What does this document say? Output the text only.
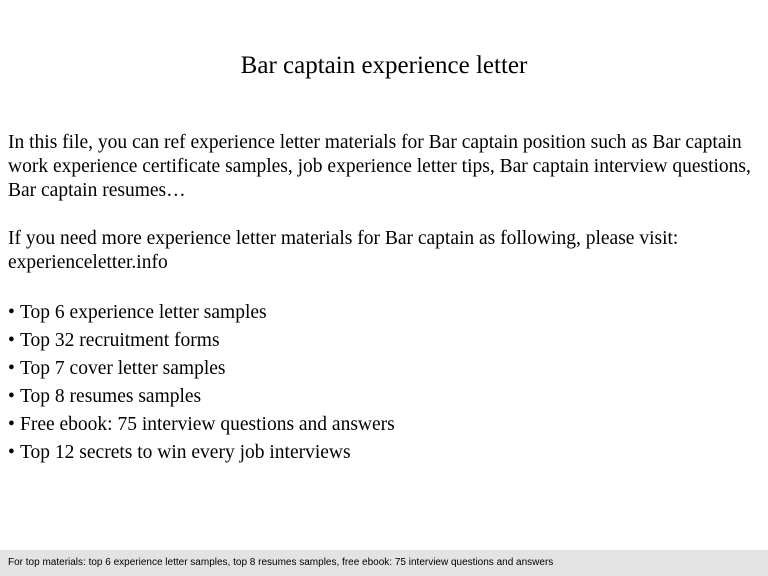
Bar captain experience letter

In this file, you can ref experience letter materials for Bar captain position such as Bar captain work experience certificate samples, job experience letter tips, Bar captain interview questions, Bar captain resumes…

If you need more experience letter materials for Bar captain as following, please visit: experienceletter.info

• Top 6 experience letter samples
• Top 32 recruitment forms
• Top 7 cover letter samples
• Top 8 resumes samples
• Free ebook: 75 interview questions and answers
• Top 12 secrets to win every job interviews
For top materials: top 6 experience letter samples, top 8 resumes samples, free ebook: 75 interview questions and answers
